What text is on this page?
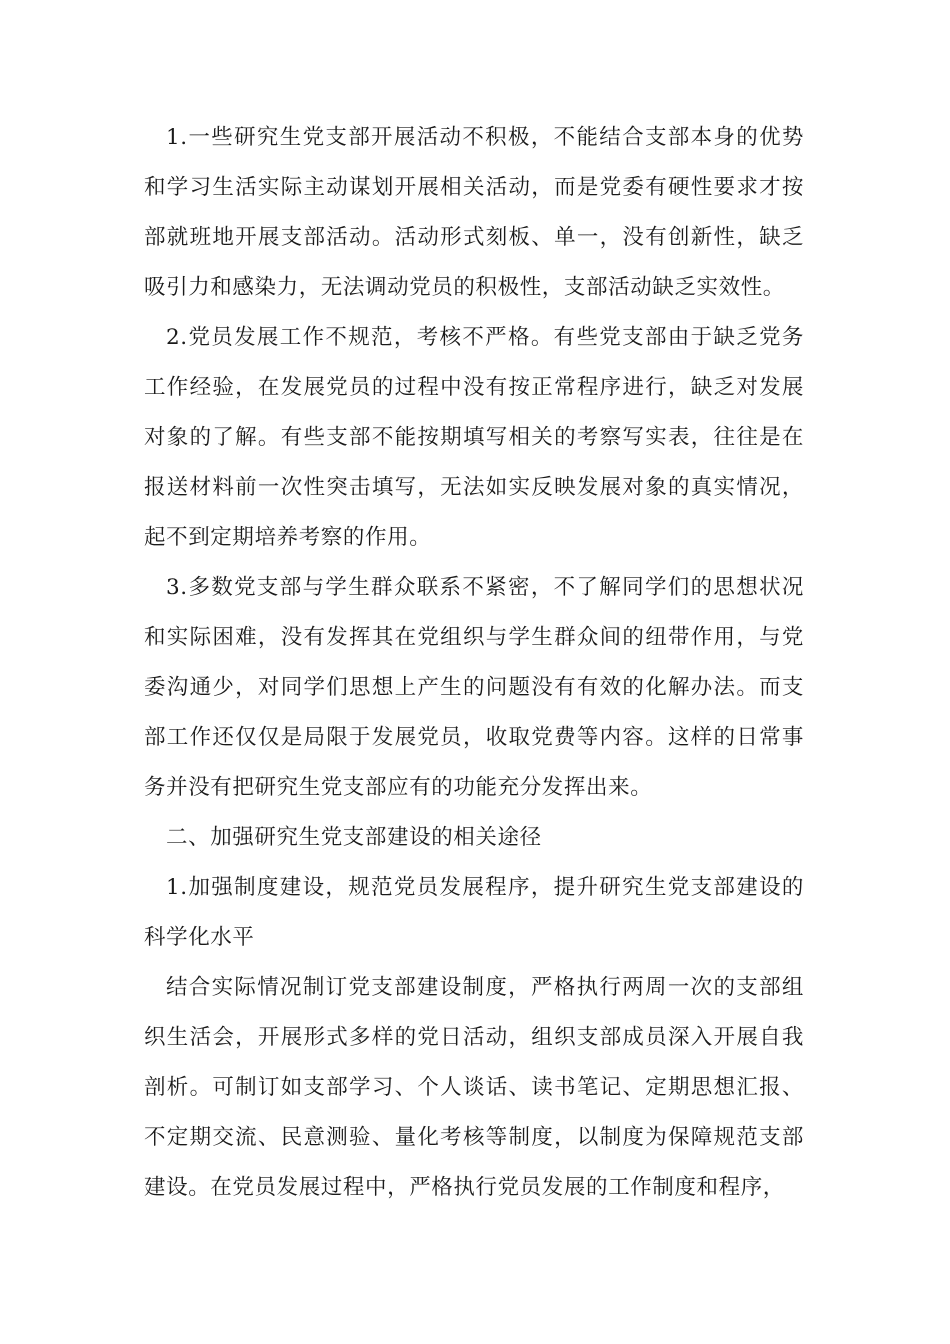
1.一些研究生党支部开展活动不积极，不能结合支部本身的优势和学习生活实际主动谋划开展相关活动，而是党委有硬性要求才按部就班地开展支部活动。活动形式刻板、单一，没有创新性，缺乏吸引力和感染力，无法调动党员的积极性，支部活动缺乏实效性。

2.党员发展工作不规范，考核不严格。有些党支部由于缺乏党务工作经验，在发展党员的过程中没有按正常程序进行，缺乏对发展对象的了解。有些支部不能按期填写相关的考察写实表，往往是在报送材料前一次性突击填写，无法如实反映发展对象的真实情况，起不到定期培养考察的作用。

3.多数党支部与学生群众联系不紧密，不了解同学们的思想状况和实际困难，没有发挥其在党组织与学生群众间的纽带作用，与党委沟通少，对同学们思想上产生的问题没有有效的化解办法。而支部工作还仅仅是局限于发展党员，收取党费等内容。这样的日常事务并没有把研究生党支部应有的功能充分发挥出来。

二、加强研究生党支部建设的相关途径

1.加强制度建设，规范党员发展程序，提升研究生党支部建设的科学化水平

结合实际情况制订党支部建设制度，严格执行两周一次的支部组织生活会，开展形式多样的党日活动，组织支部成员深入开展自我剖析。可制订如支部学习、个人谈话、读书笔记、定期思想汇报、不定期交流、民意测验、量化考核等制度，以制度为保障规范支部建设。在党员发展过程中，严格执行党员发展的工作制度和程序，
